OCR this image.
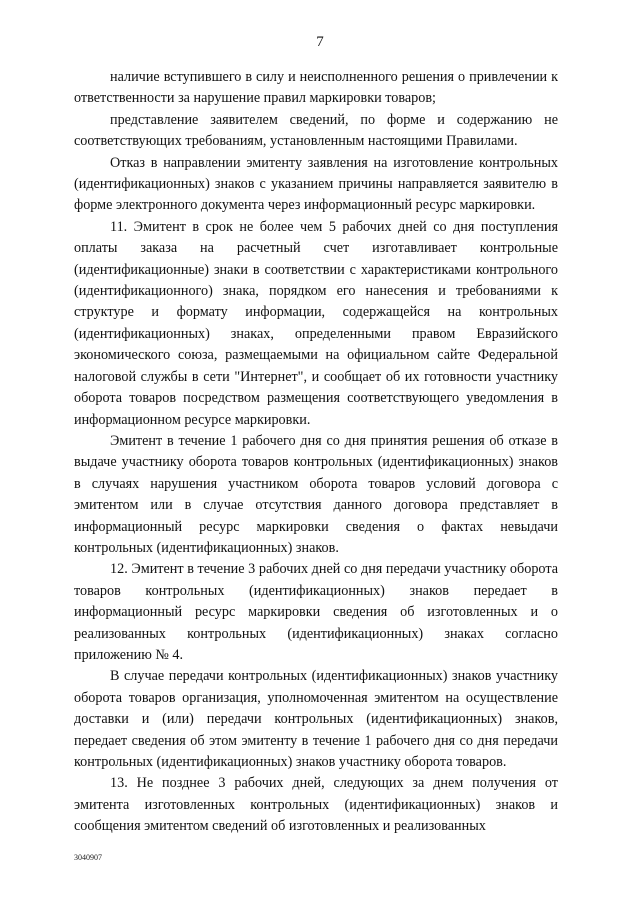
7

наличие вступившего в силу и неисполненного решения о привлечении к ответственности за нарушение правил маркировки товаров;

представление заявителем сведений, по форме и содержанию не соответствующих требованиям, установленным настоящими Правилами.

Отказ в направлении эмитенту заявления на изготовление контрольных (идентификационных) знаков с указанием причины направляется заявителю в форме электронного документа через информационный ресурс маркировки.

11. Эмитент в срок не более чем 5 рабочих дней со дня поступления оплаты заказа на расчетный счет изготавливает контрольные (идентификационные) знаки в соответствии с характеристиками контрольного (идентификационного) знака, порядком его нанесения и требованиями к структуре и формату информации, содержащейся на контрольных (идентификационных) знаках, определенными правом Евразийского экономического союза, размещаемыми на официальном сайте Федеральной налоговой службы в сети "Интернет", и сообщает об их готовности участнику оборота товаров посредством размещения соответствующего уведомления в информационном ресурсе маркировки.

Эмитент в течение 1 рабочего дня со дня принятия решения об отказе в выдаче участнику оборота товаров контрольных (идентификационных) знаков в случаях нарушения участником оборота товаров условий договора с эмитентом или в случае отсутствия данного договора представляет в информационный ресурс маркировки сведения о фактах невыдачи контрольных (идентификационных) знаков.

12. Эмитент в течение 3 рабочих дней со дня передачи участнику оборота товаров контрольных (идентификационных) знаков передает в информационный ресурс маркировки сведения об изготовленных и о реализованных контрольных (идентификационных) знаках согласно приложению № 4.

В случае передачи контрольных (идентификационных) знаков участнику оборота товаров организация, уполномоченная эмитентом на осуществление доставки и (или) передачи контрольных (идентификационных) знаков, передает сведения об этом эмитенту в течение 1 рабочего дня со дня передачи контрольных (идентификационных) знаков участнику оборота товаров.

13. Не позднее 3 рабочих дней, следующих за днем получения от эмитента изготовленных контрольных (идентификационных) знаков и сообщения эмитентом сведений об изготовленных и реализованных

3040907
